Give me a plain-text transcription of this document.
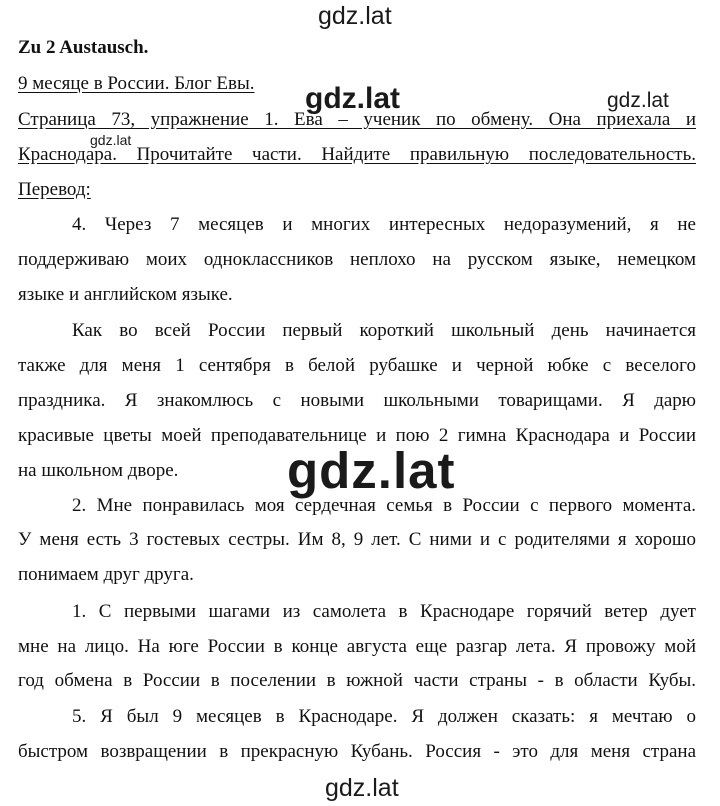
Zu 2 Austausch.
9 месяце в России. Блог Евы.
Страница 73, упражнение 1. Ева – ученик по обмену. Она приехала и
Краснодара. Прочитайте части. Найдите правильную последовательность.
Перевод:
4. Через 7 месяцев и многих интересных недоразумений, я не
поддерживаю моих одноклассников неплохо на русском языке, немецком
языке и английском языке.
Как во всей России первый короткий школьный день начинается
также для меня 1 сентября в белой рубашке и черной юбке с веселого
праздника. Я знакомлюсь с новыми школьными товарищами. Я дарю
красивые цветы моей преподавательнице и пою 2 гимна Краснодара и России
на школьном дворе.
2. Мне понравилась моя сердечная семья в России с первого момента.
У меня есть 3 гостевых сестры. Им 8, 9 лет. С ними и с родителями я хорошо
понимаем друг друга.
1. С первыми шагами из самолета в Краснодаре горячий ветер дует
мне на лицо. На юге России в конце августа еще разгар лета. Я провожу мой
год обмена в России в поселении в южной части страны - в области Кубы.
5. Я был 9 месяцев в Краснодаре. Я должен сказать: я мечтаю о
быстром возвращении в прекрасную Кубань. Россия - это для меня страна
gdz.lat
gdz.lat	gdz.lat
gdz.lat
gdz.lat
gdz.lat
